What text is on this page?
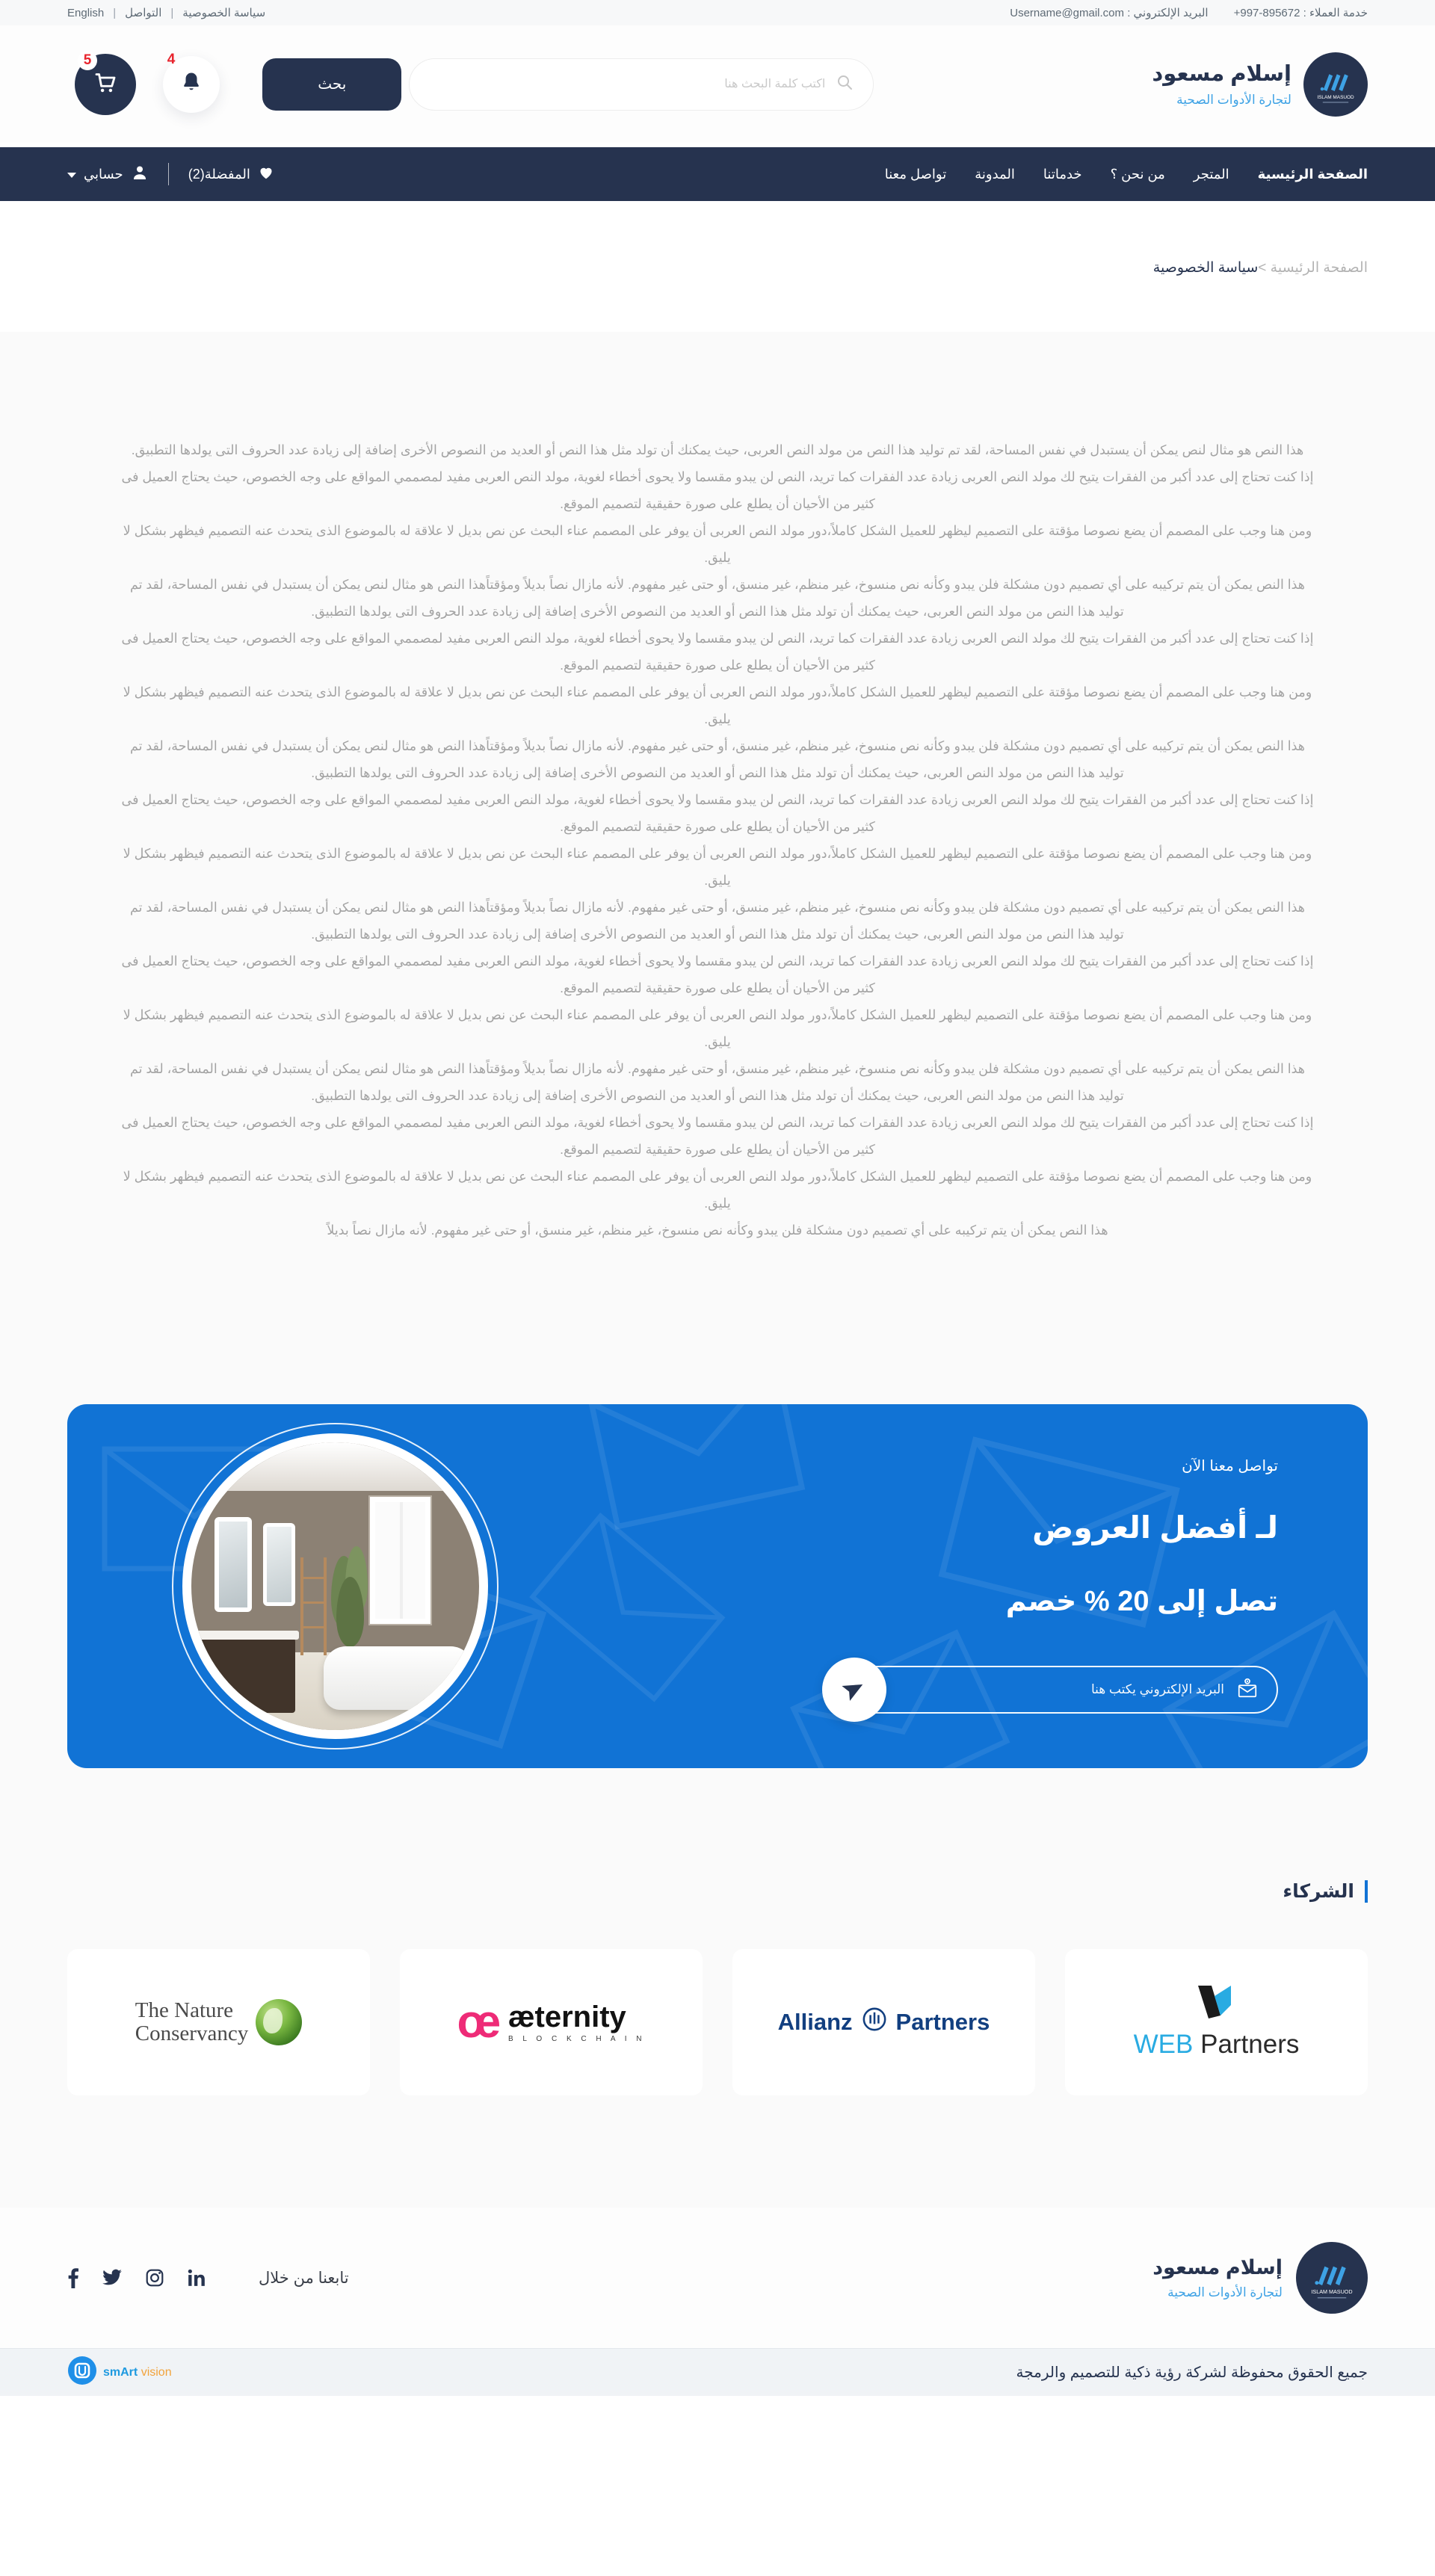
خدمة العملاء : +997-895672
البريد الإلكتروني : Username@gmail.com
سياسة الخصوصية
|
التواصل
|
English
ISLAM MASUOD
إسلام مسعود
لتجارة الأدوات الصحية
اكتب كلمة البحث هنا
بحث
4
5
الصفحة الرئيسية
المتجر
من نحن ؟
خدماتنا
المدونة
تواصل معنا
المفضلة(2)
حسابي
الصفحة الرئيسية >سياسة الخصوصية

هذا النص هو مثال لنص يمكن أن يستبدل في نفس المساحة، لقد تم توليد هذا النص من مولد النص العربى، حيث يمكنك أن تولد مثل هذا النص أو العديد من النصوص الأخرى إضافة إلى زيادة عدد الحروف التى يولدها التطبيق.

إذا كنت تحتاج إلى عدد أكبر من الفقرات يتيح لك مولد النص العربى زيادة عدد الفقرات كما تريد، النص لن يبدو مقسما ولا يحوى أخطاء لغوية، مولد النص العربى مفيد لمصممي المواقع على وجه الخصوص، حيث يحتاج العميل فى كثير من الأحيان أن يطلع على صورة حقيقية لتصميم الموقع.

ومن هنا وجب على المصمم أن يضع نصوصا مؤقتة على التصميم ليظهر للعميل الشكل كاملاً،دور مولد النص العربى أن يوفر على المصمم عناء البحث عن نص بديل لا علاقة له بالموضوع الذى يتحدث عنه التصميم فيظهر بشكل لا يليق.

هذا النص يمكن أن يتم تركيبه على أي تصميم دون مشكلة فلن يبدو وكأنه نص منسوخ، غير منظم، غير منسق، أو حتى غير مفهوم. لأنه مازال نصاً بديلاً ومؤقتاًهذا النص هو مثال لنص يمكن أن يستبدل في نفس المساحة، لقد تم توليد هذا النص من مولد النص العربى، حيث يمكنك أن تولد مثل هذا النص أو العديد من النصوص الأخرى إضافة إلى زيادة عدد الحروف التى يولدها التطبيق.

إذا كنت تحتاج إلى عدد أكبر من الفقرات يتيح لك مولد النص العربى زيادة عدد الفقرات كما تريد، النص لن يبدو مقسما ولا يحوى أخطاء لغوية، مولد النص العربى مفيد لمصممي المواقع على وجه الخصوص، حيث يحتاج العميل فى كثير من الأحيان أن يطلع على صورة حقيقية لتصميم الموقع.

ومن هنا وجب على المصمم أن يضع نصوصا مؤقتة على التصميم ليظهر للعميل الشكل كاملاً،دور مولد النص العربى أن يوفر على المصمم عناء البحث عن نص بديل لا علاقة له بالموضوع الذى يتحدث عنه التصميم فيظهر بشكل لا يليق.

هذا النص يمكن أن يتم تركيبه على أي تصميم دون مشكلة فلن يبدو وكأنه نص منسوخ، غير منظم، غير منسق، أو حتى غير مفهوم. لأنه مازال نصاً بديلاً ومؤقتاًهذا النص هو مثال لنص يمكن أن يستبدل في نفس المساحة، لقد تم توليد هذا النص من مولد النص العربى، حيث يمكنك أن تولد مثل هذا النص أو العديد من النصوص الأخرى إضافة إلى زيادة عدد الحروف التى يولدها التطبيق.

إذا كنت تحتاج إلى عدد أكبر من الفقرات يتيح لك مولد النص العربى زيادة عدد الفقرات كما تريد، النص لن يبدو مقسما ولا يحوى أخطاء لغوية، مولد النص العربى مفيد لمصممي المواقع على وجه الخصوص، حيث يحتاج العميل فى كثير من الأحيان أن يطلع على صورة حقيقية لتصميم الموقع.

ومن هنا وجب على المصمم أن يضع نصوصا مؤقتة على التصميم ليظهر للعميل الشكل كاملاً،دور مولد النص العربى أن يوفر على المصمم عناء البحث عن نص بديل لا علاقة له بالموضوع الذى يتحدث عنه التصميم فيظهر بشكل لا يليق.

هذا النص يمكن أن يتم تركيبه على أي تصميم دون مشكلة فلن يبدو وكأنه نص منسوخ، غير منظم، غير منسق، أو حتى غير مفهوم. لأنه مازال نصاً بديلاً ومؤقتاًهذا النص هو مثال لنص يمكن أن يستبدل في نفس المساحة، لقد تم توليد هذا النص من مولد النص العربى، حيث يمكنك أن تولد مثل هذا النص أو العديد من النصوص الأخرى إضافة إلى زيادة عدد الحروف التى يولدها التطبيق.

إذا كنت تحتاج إلى عدد أكبر من الفقرات يتيح لك مولد النص العربى زيادة عدد الفقرات كما تريد، النص لن يبدو مقسما ولا يحوى أخطاء لغوية، مولد النص العربى مفيد لمصممي المواقع على وجه الخصوص، حيث يحتاج العميل فى كثير من الأحيان أن يطلع على صورة حقيقية لتصميم الموقع.

ومن هنا وجب على المصمم أن يضع نصوصا مؤقتة على التصميم ليظهر للعميل الشكل كاملاً،دور مولد النص العربى أن يوفر على المصمم عناء البحث عن نص بديل لا علاقة له بالموضوع الذى يتحدث عنه التصميم فيظهر بشكل لا يليق.

هذا النص يمكن أن يتم تركيبه على أي تصميم دون مشكلة فلن يبدو وكأنه نص منسوخ، غير منظم، غير منسق، أو حتى غير مفهوم. لأنه مازال نصاً بديلاً ومؤقتاًهذا النص هو مثال لنص يمكن أن يستبدل في نفس المساحة، لقد تم توليد هذا النص من مولد النص العربى، حيث يمكنك أن تولد مثل هذا النص أو العديد من النصوص الأخرى إضافة إلى زيادة عدد الحروف التى يولدها التطبيق.

إذا كنت تحتاج إلى عدد أكبر من الفقرات يتيح لك مولد النص العربى زيادة عدد الفقرات كما تريد، النص لن يبدو مقسما ولا يحوى أخطاء لغوية، مولد النص العربى مفيد لمصممي المواقع على وجه الخصوص، حيث يحتاج العميل فى كثير من الأحيان أن يطلع على صورة حقيقية لتصميم الموقع.

ومن هنا وجب على المصمم أن يضع نصوصا مؤقتة على التصميم ليظهر للعميل الشكل كاملاً،دور مولد النص العربى أن يوفر على المصمم عناء البحث عن نص بديل لا علاقة له بالموضوع الذى يتحدث عنه التصميم فيظهر بشكل لا يليق.

هذا النص يمكن أن يتم تركيبه على أي تصميم دون مشكلة فلن يبدو وكأنه نص منسوخ، غير منظم، غير منسق، أو حتى غير مفهوم. لأنه مازال نصاً بديلاً

تواصل معنا الآن
لـ أفضل العروض
تصل إلى 20 % خصم
البريد الإلكتروني يكتب هنا
الشركاء
The Nature
Conservancy	œ æternity
B L O C K C H A I N
Allianz Partners
WEB Partners
ISLAM MASUOD
إسلام مسعود
لتجارة الأدوات الصحية
تابعنا من خلال
جميع الحقوق محفوظة لشركة رؤية ذكية للتصميم والرمجة
smArt vision
